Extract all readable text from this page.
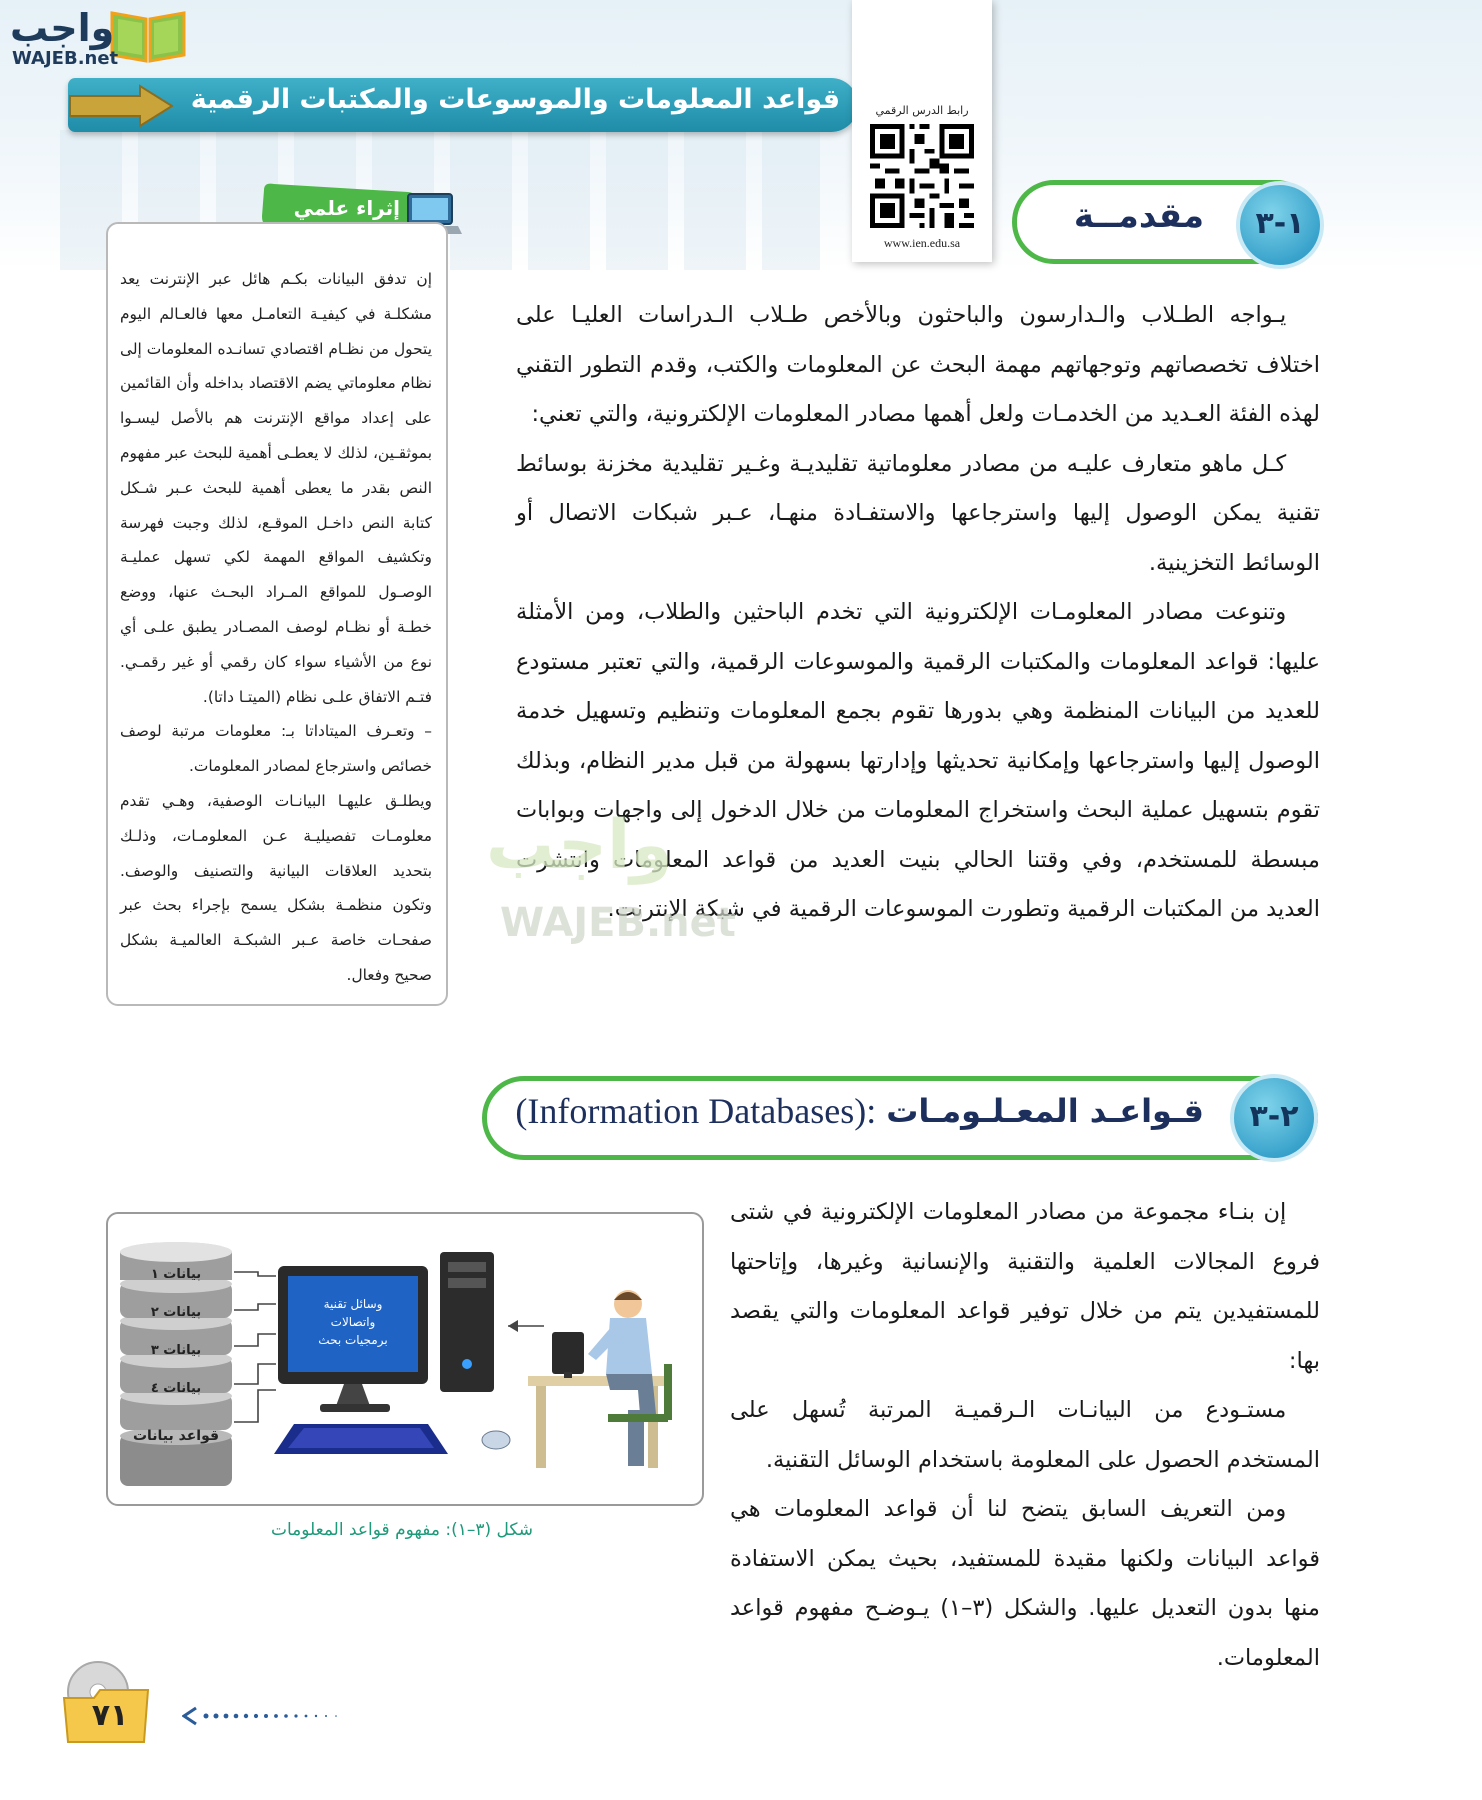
واجب
WAJEB.net
قواعد المعلومات والموسوعات والمكتبات الرقمية	رابط الدرس الرقمي
www.ien.edu.sa
مقدمــة	١-٣
إثراء علمي

إن تدفق البيانات بكـم هائل عبر الإنترنت يعد مشكلـة في كيفيـة التعامـل معها فالعـالم اليوم يتحول من نظـام اقتصادي تسانـده المعلومات إلى نظام معلوماتي يضم الاقتصاد بداخله وأن القائمين على إعداد مواقع الإنترنت هم بالأصل ليسـوا بموثقـين، لذلك لا يعطـى أهمية للبحث عبر مفهوم النص بقدر ما يعطى أهمية للبحث عـبر شـكل كتابة النص داخـل الموقـع، لذلك وجبت فهرسة وتكشيف المواقع المهمة لكي تسهل عمليـة الوصـول للمواقع المـراد البحـث عنها، ووضع خطـة أو نظـام لوصف المصـادر يطبق علـى أي نوع من الأشياء سواء كان رقمي أو غير رقمـي. فتـم الاتفاق علـى نظام (الميتـا داتا).

– وتعـرف الميتاداتا بـ: معلومات مرتبة لوصف خصائص واسترجاع لمصادر المعلومات.

ويطلـق عليهـا البيانـات الوصفية، وهـي تقدم معلومـات تفصيليـة عـن المعلومـات، وذلـك بتحديد العلاقات البيانية والتصنيف والوصف. وتكون منظمـة بشكل يسمح بإجراء بحث عبر صفحـات خاصة عـبر الشبكـة العالميـة بشكل صحيح وفعال.

يـواجه الطـلاب والـدارسون والباحثون وبالأخص طـلاب الـدراسات العليـا على اختلاف تخصصاتهم وتوجهاتهم مهمة البحث عن المعلومات والكتب، وقدم التطور التقني لهذه الفئة العـديد من الخدمـات ولعل أهمها مصادر المعلومات الإلكترونية، والتي تعني:

كـل ماهو متعارف عليـه من مصادر معلوماتية تقليديـة وغـير تقليدية مخزنة بوسائط تقنية يمكن الوصول إليها واسترجاعها والاستفـادة منهـا، عـبر شبكات الاتصال أو الوسائط التخزينية.

وتنوعت مصادر المعلومـات الإلكترونية التي تخدم الباحثين والطلاب، ومن الأمثلة عليها: قواعد المعلومات والمكتبات الرقمية والموسوعات الرقمية، والتي تعتبر مستودع للعديد من البيانات المنظمة وهي بدورها تقوم بجمع المعلومات وتنظيم وتسهيل خدمة الوصول إليها واسترجاعها وإمكانية تحديثها وإدارتها بسهولة من قبل مدير النظام، وبذلك تقوم بتسهيل عملية البحث واستخراج المعلومات من خلال الدخول إلى واجهات وبوابات مبسطة للمستخدم، وفي وقتنا الحالي بنيت العديد من قواعد المعلومات وانتشرت العديد من المكتبات الرقمية وتطورت الموسوعات الرقمية في شبكة الإنترنت.

واجب
WAJEB.net
قـواعـد المعـلـومـات
(Information Databases):	٢-٣

إن بنـاء مجموعة من مصادر المعلومات الإلكترونية في شتى فروع المجالات العلمية والتقنية والإنسانية وغيرها، وإتاحتها للمستفيدين يتم من خلال توفير قواعد المعلومات والتي يقصد بها:

مستـودع من البيانـات الـرقميـة المرتبة تُسهل على المستخدم الحصول على المعلومة باستخدام الوسائل التقنية.

ومن التعريف السابق يتضح لنا أن قواعد المعلومات هي قواعد البيانات ولكنها مقيدة للمستفيد، بحيث يمكن الاستفادة منها بدون التعديل عليها. والشكل (٣–١) يـوضـح مفهوم قواعد المعلومات.

بيانات ١
بيانات ٢
بيانات ٣
بيانات ٤
قواعد بيانات
وسائل تقنية
واتصالات
برمجيات بحث
شكل (٣–١): مفهوم قواعد المعلومات
٧١
